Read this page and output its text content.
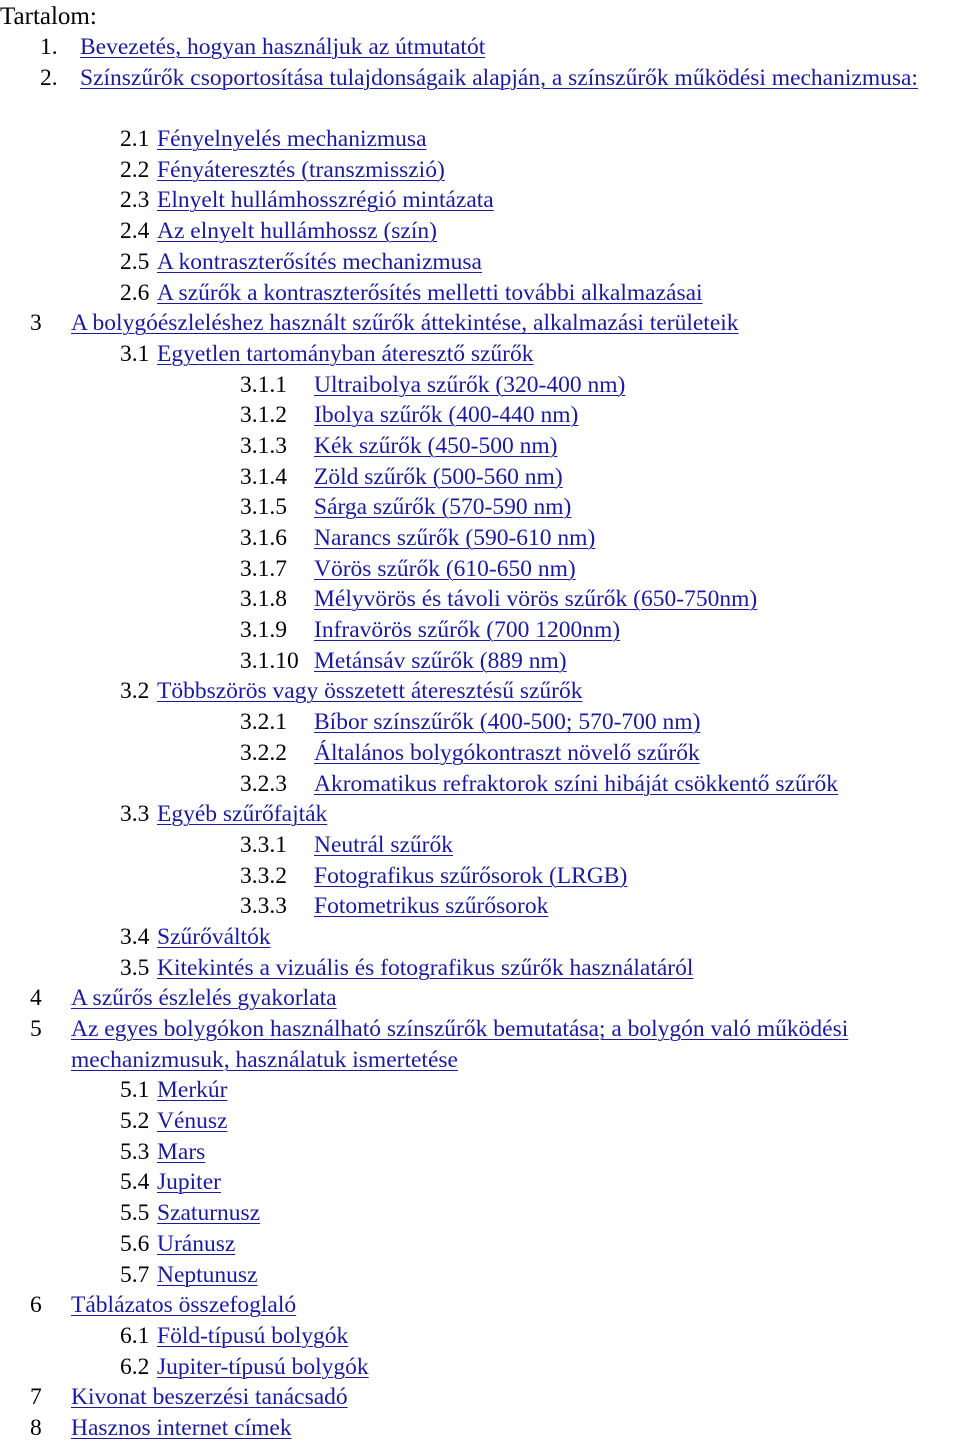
Tartalom:
1. Bevezetés, hogyan használjuk az útmutatót
2. Színszűrők csoportosítása tulajdonságaik alapján, a színszűrők működési mechanizmusa:
2.1 Fényelnyelés mechanizmusa
2.2 Fényáteresztés (transzmisszió)
2.3 Elnyelt hullámhosszrégió mintázata
2.4 Az elnyelt hullámhossz (szín)
2.5 A kontraszterősítés mechanizmusa
2.6 A szűrők a kontraszterősítés melletti további alkalmazásai
3 A bolygóészleléshez használt szűrők áttekintése, alkalmazási területeik
3.1 Egyetlen tartományban áteresztő szűrők
3.1.1 Ultraibolya szűrők (320-400 nm)
3.1.2 Ibolya szűrők (400-440 nm)
3.1.3 Kék szűrők (450-500 nm)
3.1.4 Zöld szűrők (500-560 nm)
3.1.5 Sárga szűrők (570-590 nm)
3.1.6 Narancs szűrők (590-610 nm)
3.1.7 Vörös szűrők (610-650 nm)
3.1.8 Mélyvörös és távoli vörös szűrők (650-750nm)
3.1.9 Infravörös szűrők (700 1200nm)
3.1.10 Metánsáv szűrők (889 nm)
3.2 Többszörös vagy összetett áteresztésű szűrők
3.2.1 Bíbor színszűrők (400-500; 570-700 nm)
3.2.2 Általános bolygókontraszt növelő szűrők
3.2.3 Akromatikus refraktorok színi hibáját csökkentő szűrők
3.3 Egyéb szűrőfajták
3.3.1 Neutrál szűrők
3.3.2 Fotografikus szűrősorok (LRGB)
3.3.3 Fotometrikus szűrősorok
3.4 Szűrőváltók
3.5 Kitekintés a vizuális és fotografikus szűrők használatáról
4 A szűrős észlelés gyakorlata
5 Az egyes bolygókon használható színszűrők bemutatása; a bolygón való működési mechanizmusuk, használatuk ismertetése
5.1 Merkúr
5.2 Vénusz
5.3 Mars
5.4 Jupiter
5.5 Szaturnusz
5.6 Uránusz
5.7 Neptunusz
6 Táblázatos összefoglaló
6.1 Föld-típusú bolygók
6.2 Jupiter-típusú bolygók
7 Kivonat beszerzési tanácsadó
8 Hasznos internet címek
